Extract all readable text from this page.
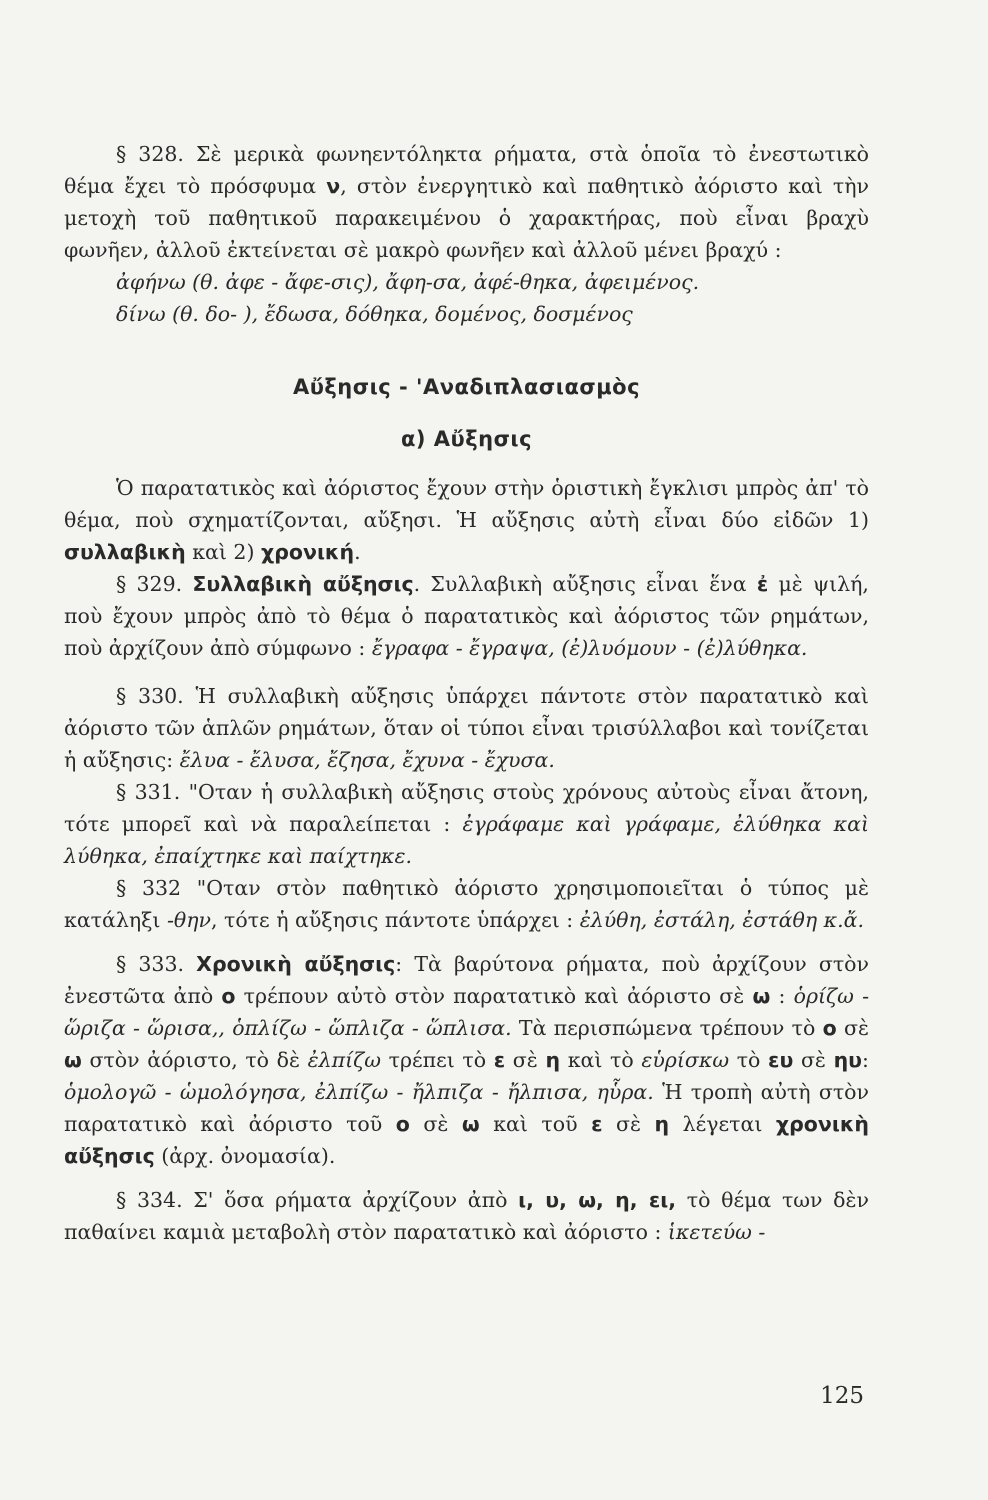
§ 328. Σὲ μερικὰ φωνηεντόληκτα ρήματα, στὰ ὁποῖα τὸ ἐνεστωτικὸ θέμα ἔχει τὸ πρόσφυμα ν, στὸν ἐνεργητικὸ καὶ παθητικὸ ἀόριστο καὶ τὴν μετοχὴ τοῦ παθητικοῦ παρακειμένου ὁ χαρακτήρας, ποὺ εἶναι βραχὺ φωνῆεν, ἀλλοῦ ἐκτείνεται σὲ μακρὸ φωνῆεν καὶ ἀλλοῦ μένει βραχύ :

ἀφήνω (θ. ἀφε - ἄφε-σις), ἄφη-σα, ἀφέ-θηκα, ἀφειμένος.
δίνω (θ. δο- ), ἔδωσα, δόθηκα, δομένος, δοσμένος
Αὔξησις - 'Αναδιπλασιασμὸς
α) Αὔξησις

Ὁ παρατατικὸς καὶ ἀόριστος ἔχουν στὴν ὁριστικὴ ἔγκλισι μπρὸς ἀπ' τὸ θέμα, ποὺ σχηματίζονται, αὔξησι. Ἡ αὔξησις αὐτὴ εἶναι δύο εἰδῶν 1) συλλαβικὴ καὶ 2) χρονική.

§ 329. Συλλαβικὴ αὔξησις. Συλλαβικὴ αὔξησις εἶναι ἕνα ἐ μὲ ψιλή, ποὺ ἔχουν μπρὸς ἀπὸ τὸ θέμα ὁ παρατατικὸς καὶ ἀόριστος τῶν ρημάτων, ποὺ ἀρχίζουν ἀπὸ σύμφωνο : ἔγραφα - ἔγραψα, (ἐ)λυόμουν - (ἐ)λύθηκα.

§ 330. Ἡ συλλαβικὴ αὔξησις ὑπάρχει πάντοτε στὸν παρατατικὸ καὶ ἀόριστο τῶν ἁπλῶν ρημάτων, ὅταν οἱ τύποι εἶναι τρισύλλαβοι καὶ τονίζεται ἡ αὔξησις: ἔλυα - ἔλυσα, ἔζησα, ἔχυνα - ἔχυσα.

§ 331. "Οταν ἡ συλλαβικὴ αὔξησις στοὺς χρόνους αὐτοὺς εἶναι ἄτονη, τότε μπορεῖ καὶ νὰ παραλείπεται : ἐγράφαμε καὶ γράφαμε, ἐλύθηκα καὶ λύθηκα, ἐπαίχτηκε καὶ παίχτηκε.

§ 332 "Οταν στὸν παθητικὸ ἀόριστο χρησιμοποιεῖται ὁ τύπος μὲ κατάληξι -θην, τότε ἡ αὔξησις πάντοτε ὑπάρχει : ἐλύθη, ἐστάλη, ἐστάθη κ.ἄ.

§ 333. Χρονικὴ αὔξησις: Τὰ βαρύτονα ρήματα, ποὺ ἀρχίζουν στὸν ἐνεστῶτα ἀπὸ ο τρέπουν αὐτὸ στὸν παρατατικὸ καὶ ἀόριστο σὲ ω : ὁρίζω - ὥριζα - ὥρισα,, ὁπλίζω - ὥπλιζα - ὥπλισα. Τὰ περισπώμενα τρέπουν τὸ ο σὲ ω στὸν ἀόριστο, τὸ δὲ ἐλπίζω τρέπει τὸ ε σὲ η καὶ τὸ εὑρίσκω τὸ ευ σὲ ηυ: ὁμολογῶ - ὡμολόγησα, ἐλπίζω - ἤλπιζα - ἤλπισα, ηὗρα. Ἡ τροπὴ αὐτὴ στὸν παρατατικὸ καὶ ἀόριστο τοῦ ο σὲ ω καὶ τοῦ ε σὲ η λέγεται χρονικὴ αὔξησις (ἀρχ. ὀνομασία).

§ 334. Σ' ὅσα ρήματα ἀρχίζουν ἀπὸ ι, υ, ω, η, ει, τὸ θέμα των δὲν παθαίνει καμιὰ μεταβολὴ στὸν παρατατικὸ καὶ ἀόριστο : ἱκετεύω -

125
